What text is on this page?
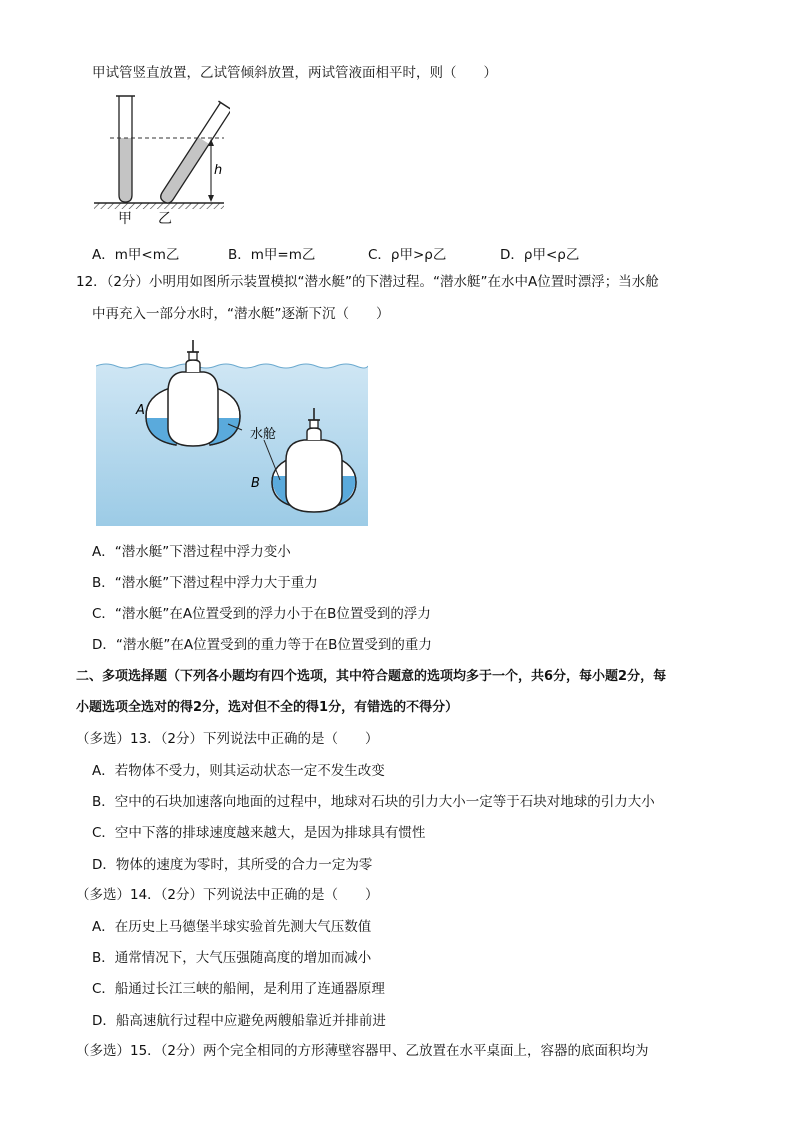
甲试管竖直放置，乙试管倾斜放置，两试管液面相平时，则（　　）
h
甲 乙
A．m甲<m乙	B．m甲=m乙	C．ρ甲>ρ乙	D．ρ甲<ρ乙
12．（2分）小明用如图所示装置模拟“潜水艇”的下潜过程。“潜水艇”在水中A位置时漂浮；当水舱
中再充入一部分水时，“潜水艇”逐渐下沉（　　）
A
水舱
B
A．“潜水艇”下潜过程中浮力变小
B．“潜水艇”下潜过程中浮力大于重力
C．“潜水艇”在A位置受到的浮力小于在B位置受到的浮力
D．“潜水艇”在A位置受到的重力等于在B位置受到的重力
二、多项选择题（下列各小题均有四个选项，其中符合题意的选项均多于一个，共6分，每小题2分，每
小题选项全选对的得2分，选对但不全的得1分，有错选的不得分）
（多选）13．（2分）下列说法中正确的是（　　）
A．若物体不受力，则其运动状态一定不发生改变
B．空中的石块加速落向地面的过程中，地球对石块的引力大小一定等于石块对地球的引力大小
C．空中下落的排球速度越来越大，是因为排球具有惯性
D．物体的速度为零时，其所受的合力一定为零
（多选）14．（2分）下列说法中正确的是（　　）
A．在历史上马德堡半球实验首先测大气压数值
B．通常情况下，大气压强随高度的增加而减小
C．船通过长江三峡的船闸，是利用了连通器原理
D．船高速航行过程中应避免两艘船靠近并排前进
（多选）15．（2分）两个完全相同的方形薄壁容器甲、乙放置在水平桌面上，容器的底面积均为
